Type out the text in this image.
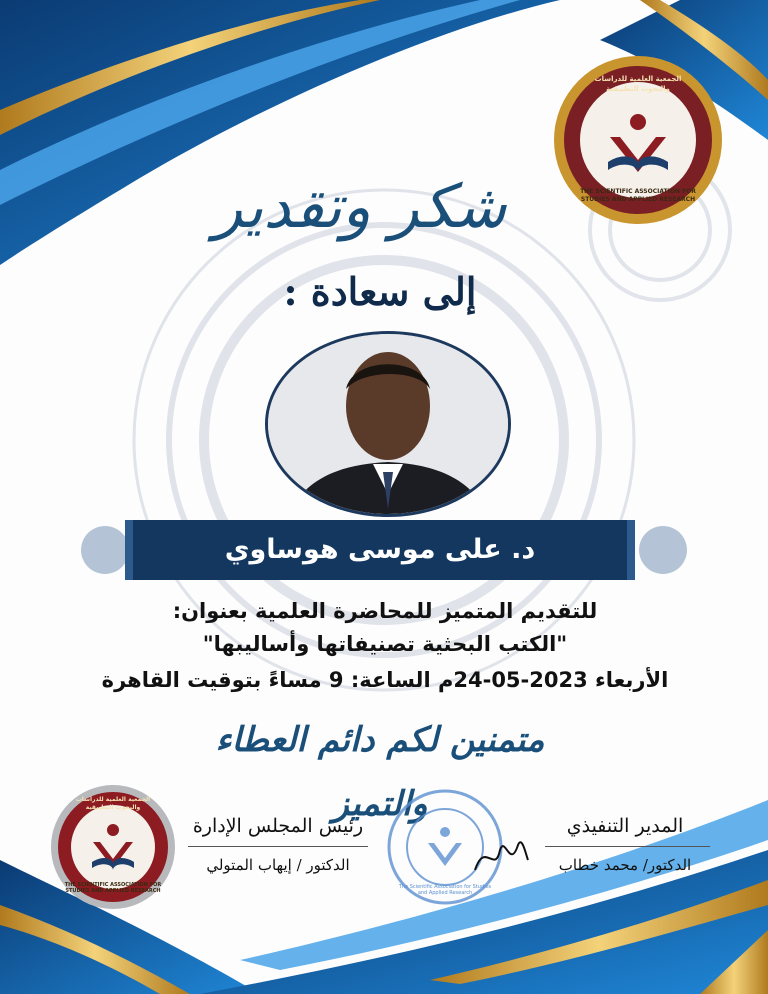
THE SCIENTIFIC ASSOCIATION FOR
STUDIES AND APPLIED RESEARCH
الجمعية العلمية للدراسات والبحوث التطبيقية
شكر وتقدير
إلى سعادة :
د. على موسى هوساوي
للتقديم المتميز للمحاضرة العلمية بعنوان:
"الكتب البحثية تصنيفاتها وأساليبها"
الأربعاء 2023-05-24م الساعة: 9 مساءً بتوقيت القاهرة
متمنين لكم دائم العطاء والتميز
THE SCIENTIFIC ASSOCIATION FOR
STUDIES AND APPLIED RESEARCH
الجمعية العلمية للدراسات والبحوث التطبيقية
رئيس المجلس الإدارة
الدكتور / إيهاب المتولي
The Scientific Association for Studies and Applied Research
المدير التنفيذي
الدكتور/ محمد خطاب
